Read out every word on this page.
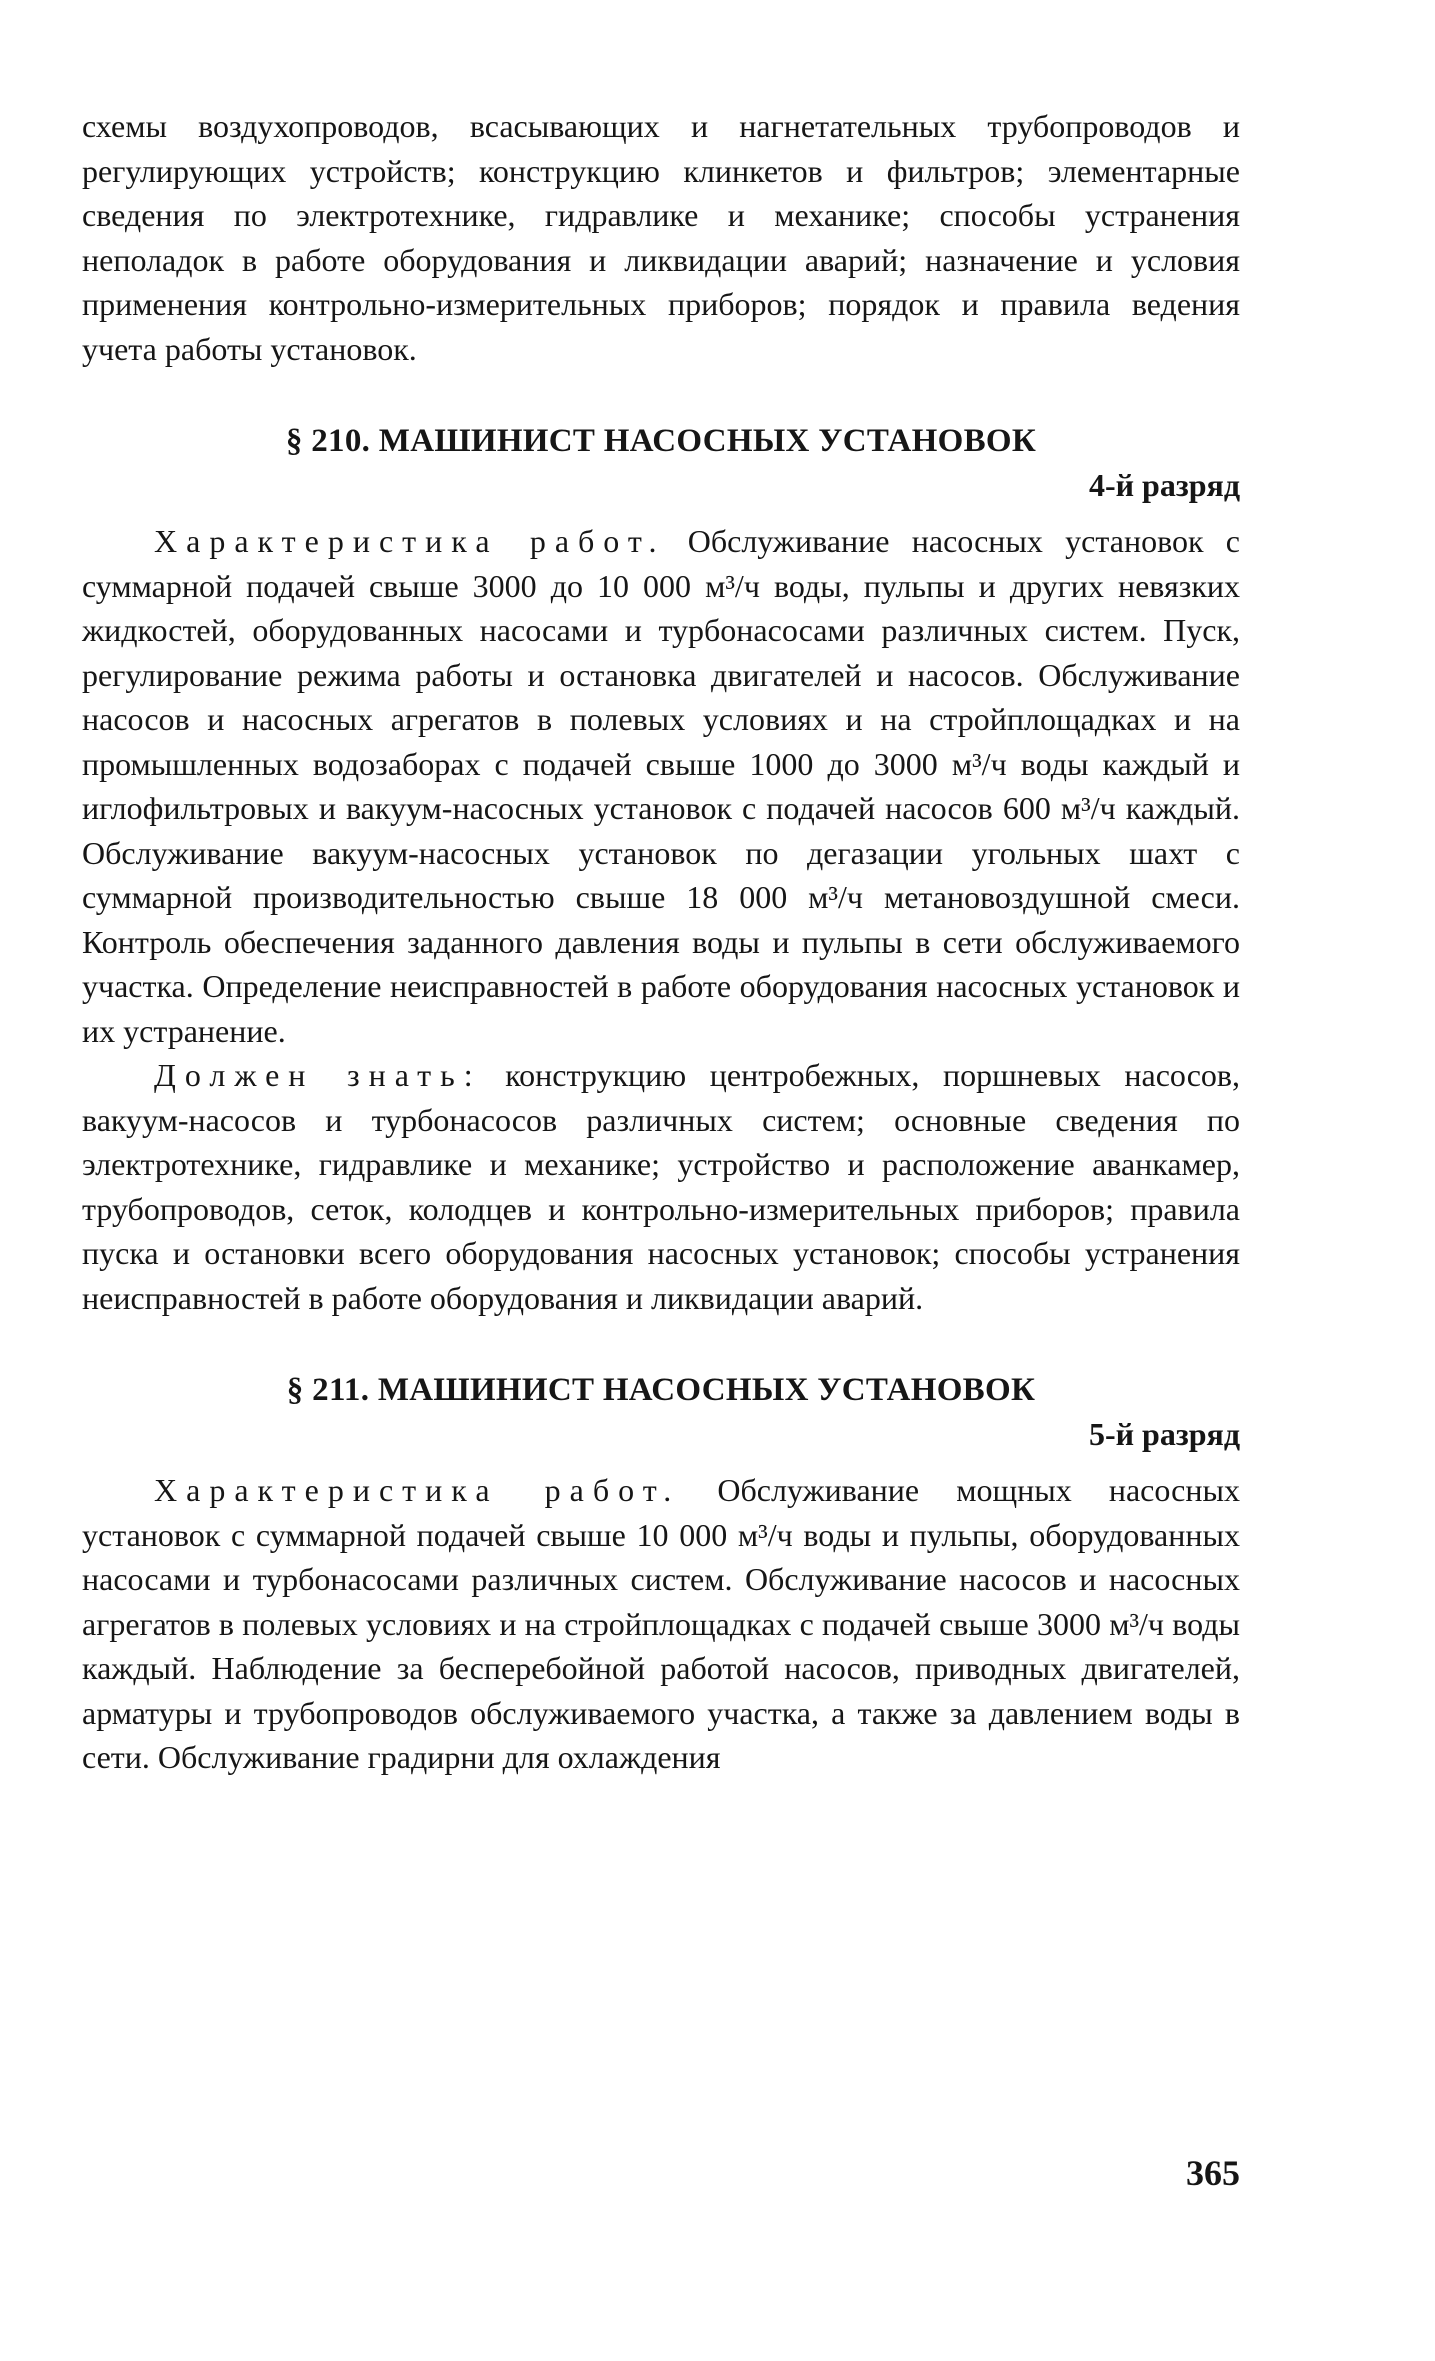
схемы воздухопроводов, всасывающих и нагнетательных трубопроводов и регулирующих устройств; конструкцию клинкетов и фильтров; элементарные сведения по электротехнике, гидравлике и механике; способы устранения неполадок в работе оборудования и ликвидации аварий; назначение и условия применения контрольно-измерительных приборов; порядок и правила ведения учета работы установок.

§ 210. МАШИНИСТ НАСОСНЫХ УСТАНОВОК
4-й разряд

Характеристика работ. Обслуживание насосных установок с суммарной подачей свыше 3000 до 10 000 м³/ч воды, пульпы и других невязких жидкостей, оборудованных насосами и турбонасосами различных систем. Пуск, регулирование режима работы и остановка двигателей и насосов. Обслуживание насосов и насосных агрегатов в полевых условиях и на стройплощадках и на промышленных водозаборах с подачей свыше 1000 до 3000 м³/ч воды каждый и иглофильтровых и вакуум-насосных установок с подачей насосов 600 м³/ч каждый. Обслуживание вакуум-насосных установок по дегазации угольных шахт с суммарной производительностью свыше 18 000 м³/ч метановоздушной смеси. Контроль обеспечения заданного давления воды и пульпы в сети обслуживаемого участка. Определение неисправностей в работе оборудования насосных установок и их устранение.

Должен знать: конструкцию центробежных, поршневых насосов, вакуум-насосов и турбонасосов различных систем; основные сведения по электротехнике, гидравлике и механике; устройство и расположение аванкамер, трубопроводов, сеток, колодцев и контрольно-измерительных приборов; правила пуска и остановки всего оборудования насосных установок; способы устранения неисправностей в работе оборудования и ликвидации аварий.

§ 211. МАШИНИСТ НАСОСНЫХ УСТАНОВОК
5-й разряд

Характеристика работ. Обслуживание мощных насосных установок с суммарной подачей свыше 10 000 м³/ч воды и пульпы, оборудованных насосами и турбонасосами различных систем. Обслуживание насосов и насосных агрегатов в полевых условиях и на стройплощадках с подачей свыше 3000 м³/ч воды каждый. Наблюдение за бесперебойной работой насосов, приводных двигателей, арматуры и трубопроводов обслуживаемого участка, а также за давлением воды в сети. Обслуживание градирни для охлаждения

365
